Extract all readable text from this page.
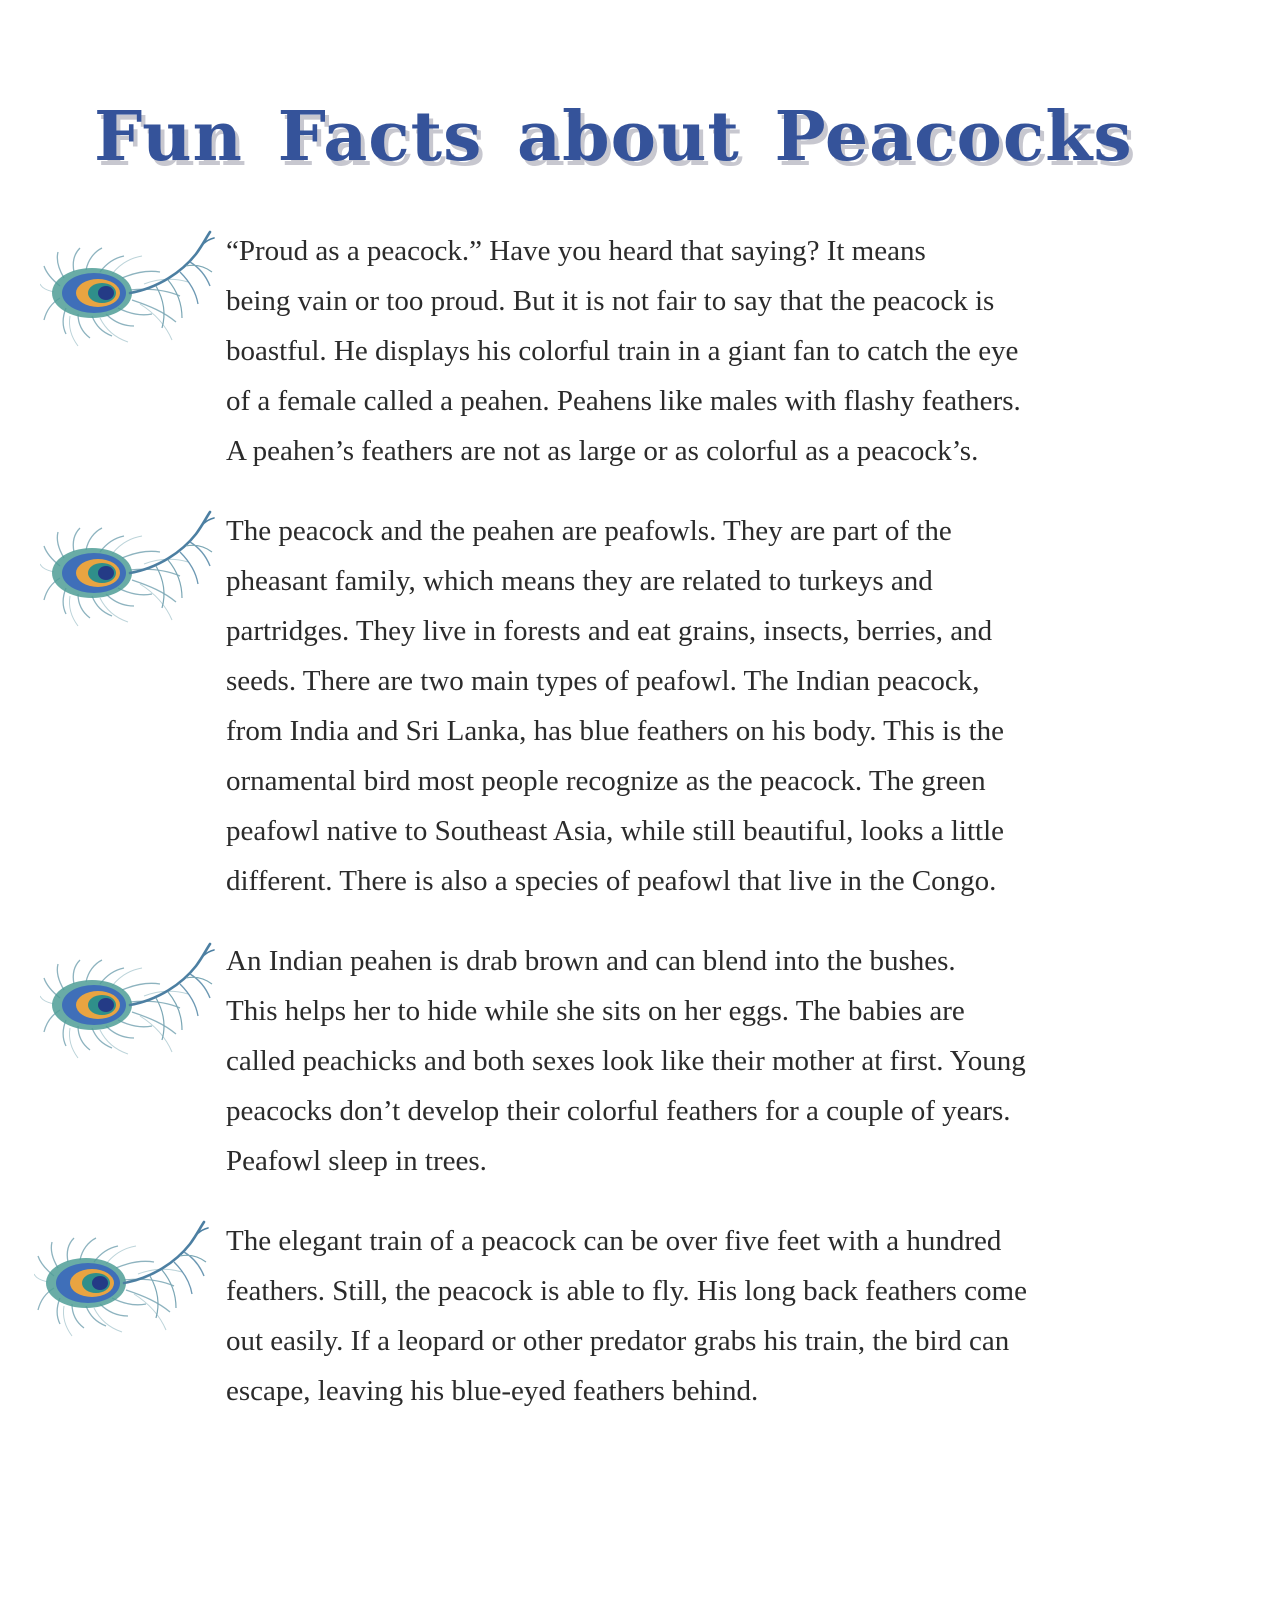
Fun Facts about Peacocks

“Proud as a peacock.” Have you heard that saying? It means
being vain or too proud. But it is not fair to say that the peacock is
boastful. He displays his colorful train in a giant fan to catch the eye
of a female called a peahen. Peahens like males with flashy feathers.
A peahen’s feathers are not as large or as colorful as a peacock’s.

The peacock and the peahen are peafowls. They are part of the
pheasant family, which means they are related to turkeys and
partridges. They live in forests and eat grains, insects, berries, and
seeds. There are two main types of peafowl. The Indian peacock,
from India and Sri Lanka, has blue feathers on his body. This is the
ornamental bird most people recognize as the peacock. The green
peafowl native to Southeast Asia, while still beautiful, looks a little
different. There is also a species of peafowl that live in the Congo.

An Indian peahen is drab brown and can blend into the bushes.
This helps her to hide while she sits on her eggs. The babies are
called peachicks and both sexes look like their mother at first. Young
peacocks don’t develop their colorful feathers for a couple of years.
Peafowl sleep in trees.

The elegant train of a peacock can be over five feet with a hundred
feathers. Still, the peacock is able to fly. His long back feathers come
out easily. If a leopard or other predator grabs his train, the bird can
escape, leaving his blue-eyed feathers behind.
